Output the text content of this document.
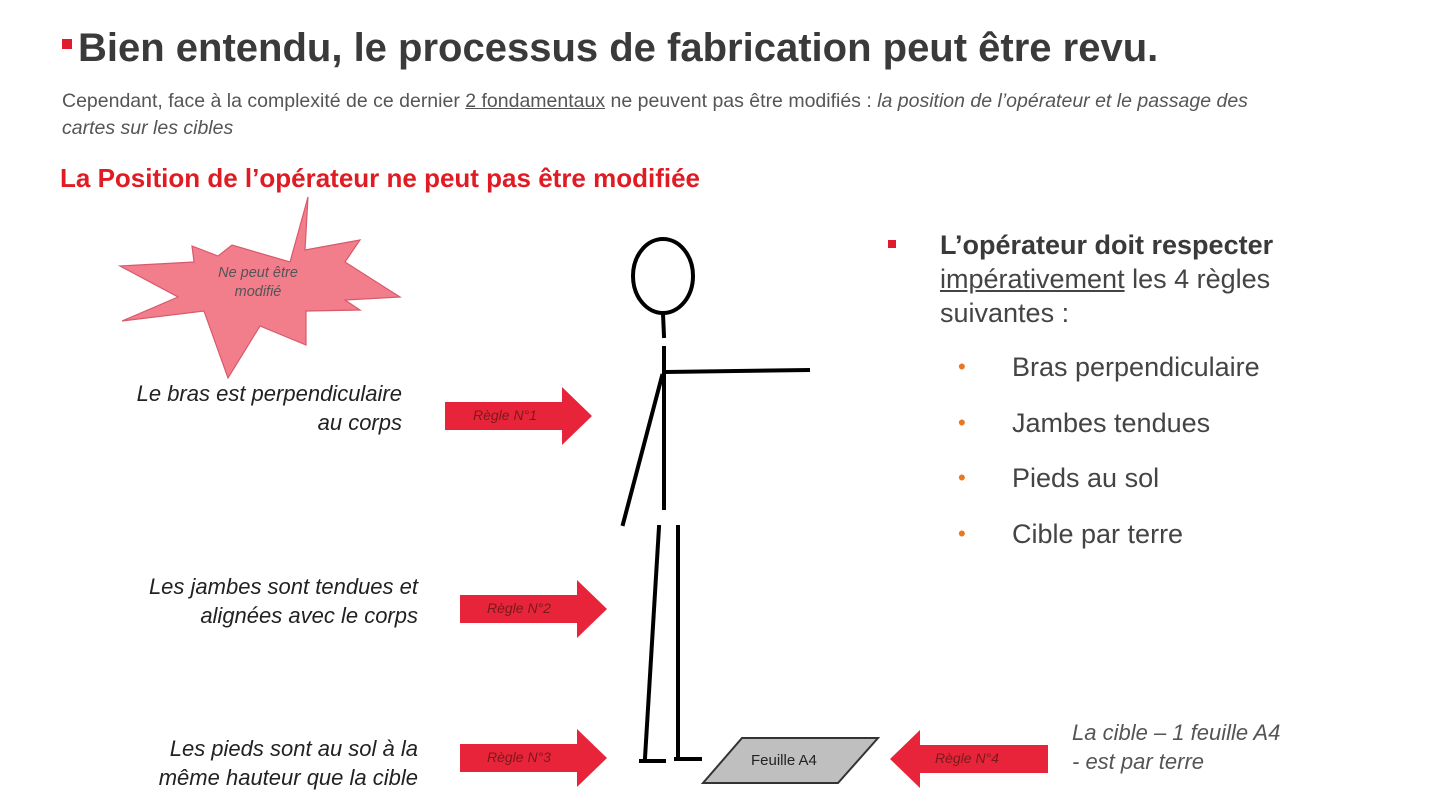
Bien entendu, le processus de fabrication peut être revu.
Cependant, face à la complexité de ce dernier 2 fondamentaux ne peuvent pas être modifiés : la position de l’opérateur et le passage des cartes sur les cibles
La Position de l’opérateur ne peut pas être modifiée
Ne peut être
modifié
Le bras est perpendiculaire
au corps
Les jambes sont tendues et
alignées avec le corps
Les pieds sont au sol à la
même hauteur que la cible
Règle N°1
Règle N°2
Règle N°3	Règle N°4
Feuille A4
La cible – 1 feuille A4
- est par terre
L’opérateur doit respecter
impérativement les 4 règles suivantes :
• Bras perpendiculaire
• Jambes tendues
• Pieds au sol
• Cible par terre
